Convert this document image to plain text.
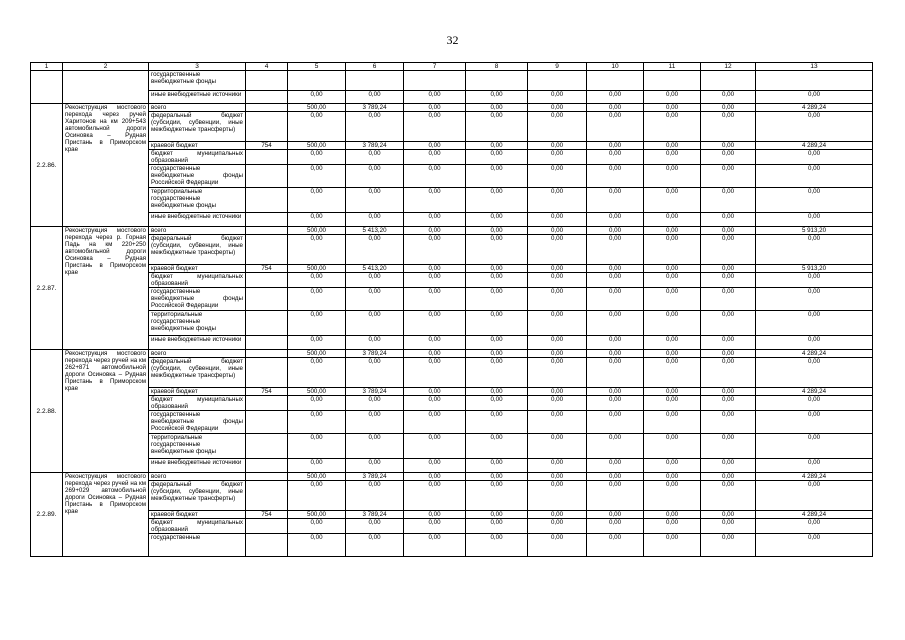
32
1	2	3	4	5	6	7	8	9	10	11	12	13
		государственные внебюджетные фонды										
		иные внебюджетные источники		0,00	0,00	0,00	0,00	0,00	0,00	0,00	0,00	0,00
2.2.86.	Реконструкция мостового перехода через ручей Харитонов на км 209+543 автомобильной дороги Осиновка – Рудная Пристань в Приморском крае	всего		500,00	3 789,24	0,00	0,00	0,00	0,00	0,00	0,00	4 289,24
		федеральный бюджет (субсидии, субвенции, иные межбюджетные трансферты)		0,00	0,00	0,00	0,00	0,00	0,00	0,00	0,00	0,00
		краевой бюджет	754	500,00	3 789,24	0,00	0,00	0,00	0,00	0,00	0,00	4 289,24
		бюджет муниципальных образований		0,00	0,00	0,00	0,00	0,00	0,00	0,00	0,00	0,00
		государственные внебюджетные фонды Российской Федерации		0,00	0,00	0,00	0,00	0,00	0,00	0,00	0,00	0,00
		территориальные государственные внебюджетные фонды		0,00	0,00	0,00	0,00	0,00	0,00	0,00	0,00	0,00
		иные внебюджетные источники		0,00	0,00	0,00	0,00	0,00	0,00	0,00	0,00	0,00
2.2.87.	Реконструкция мостового перехода через р. Горная Падь на км 220+250 автомобильной дороги Осиновка – Рудная Пристань в Приморском крае	всего		500,00	5 413,20	0,00	0,00	0,00	0,00	0,00	0,00	5 913,20
		федеральный бюджет (субсидии, субвенции, иные межбюджетные трансферты)		0,00	0,00	0,00	0,00	0,00	0,00	0,00	0,00	0,00
		краевой бюджет	754	500,00	5 413,20	0,00	0,00	0,00	0,00	0,00	0,00	5 913,20
		бюджет муниципальных образований		0,00	0,00	0,00	0,00	0,00	0,00	0,00	0,00	0,00
		государственные внебюджетные фонды Российской Федерации		0,00	0,00	0,00	0,00	0,00	0,00	0,00	0,00	0,00
		территориальные государственные внебюджетные фонды		0,00	0,00	0,00	0,00	0,00	0,00	0,00	0,00	0,00
		иные внебюджетные источники		0,00	0,00	0,00	0,00	0,00	0,00	0,00	0,00	0,00
2.2.88.	Реконструкция мостового перехода через ручей на км 262+871 автомобильной дороги Осиновка – Рудная Пристань в Приморском крае	всего		500,00	3 789,24	0,00	0,00	0,00	0,00	0,00	0,00	4 289,24
		федеральный бюджет (субсидии, субвенции, иные межбюджетные трансферты)		0,00	0,00	0,00	0,00	0,00	0,00	0,00	0,00	0,00
		краевой бюджет	754	500,00	3 789,24	0,00	0,00	0,00	0,00	0,00	0,00	4 289,24
		бюджет муниципальных образований		0,00	0,00	0,00	0,00	0,00	0,00	0,00	0,00	0,00
		государственные внебюджетные фонды Российской Федерации		0,00	0,00	0,00	0,00	0,00	0,00	0,00	0,00	0,00
		территориальные государственные внебюджетные фонды		0,00	0,00	0,00	0,00	0,00	0,00	0,00	0,00	0,00
		иные внебюджетные источники		0,00	0,00	0,00	0,00	0,00	0,00	0,00	0,00	0,00
2.2.89.	Реконструкция мостового перехода через ручей на км 269+029 автомобильной дороги Осиновка – Рудная Пристань в Приморском крае	всего		500,00	3 789,24	0,00	0,00	0,00	0,00	0,00	0,00	4 289,24
		федеральный бюджет (субсидии, субвенции, иные межбюджетные трансферты)		0,00	0,00	0,00	0,00	0,00	0,00	0,00	0,00	0,00
		краевой бюджет	754	500,00	3 789,24	0,00	0,00	0,00	0,00	0,00	0,00	4 289,24
		бюджет муниципальных образований		0,00	0,00	0,00	0,00	0,00	0,00	0,00	0,00	0,00
		государственные		0,00	0,00	0,00	0,00	0,00	0,00	0,00	0,00	0,00
